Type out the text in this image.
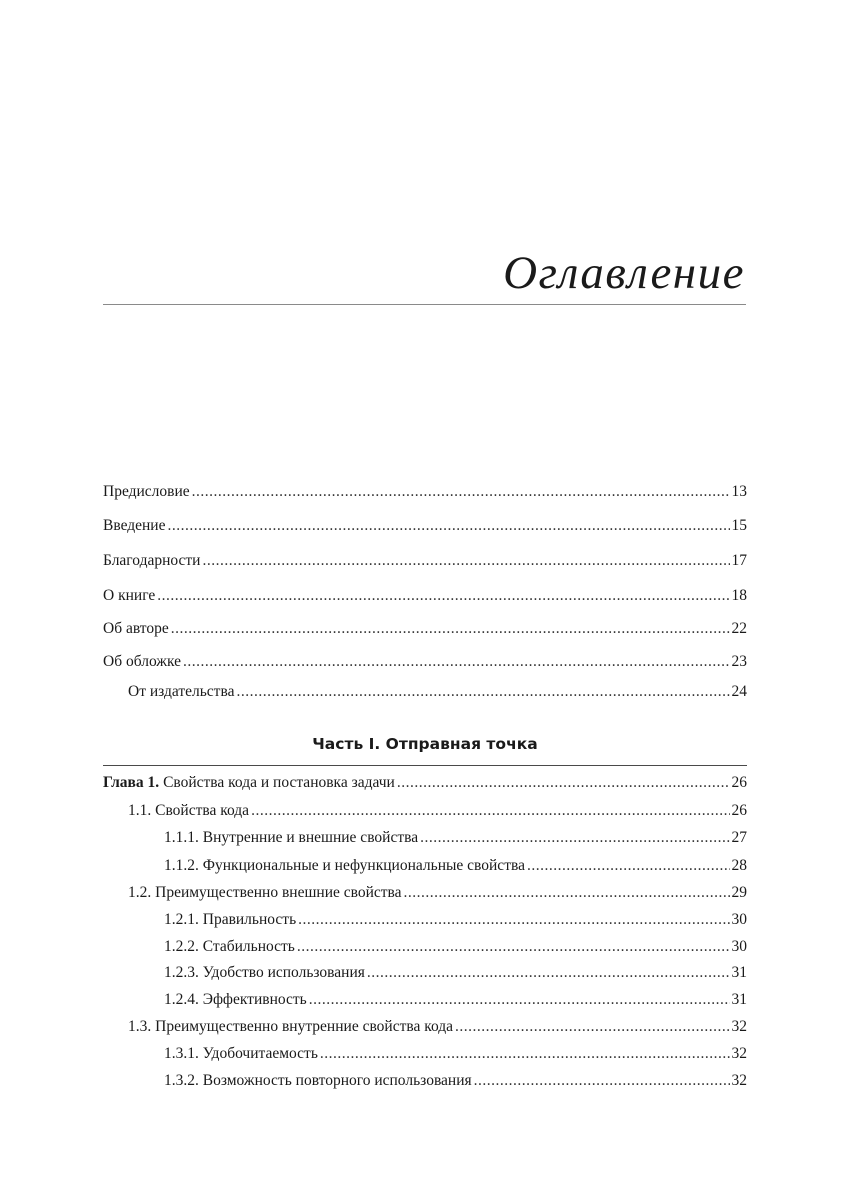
Оглавление
Предисловие .....	13
Введение .....	15
Благодарности .....	17
О книге .....	18
Об авторе .....	22
Об обложке .....	23
От издательства .....	24
Часть I. Отправная точка
Глава 1. Свойства кода и постановка задачи .....	26
1.1. Свойства кода .....	26
1.1.1. Внутренние и внешние свойства .....	27
1.1.2. Функциональные и нефункциональные свойства .....	28
1.2. Преимущественно внешние свойства .....	29
1.2.1. Правильность .....	30
1.2.2. Стабильность .....	30
1.2.3. Удобство использования .....	31
1.2.4. Эффективность .....	31
1.3. Преимущественно внутренние свойства кода .....	32
1.3.1. Удобочитаемость .....	32
1.3.2. Возможность повторного использования .....	32
